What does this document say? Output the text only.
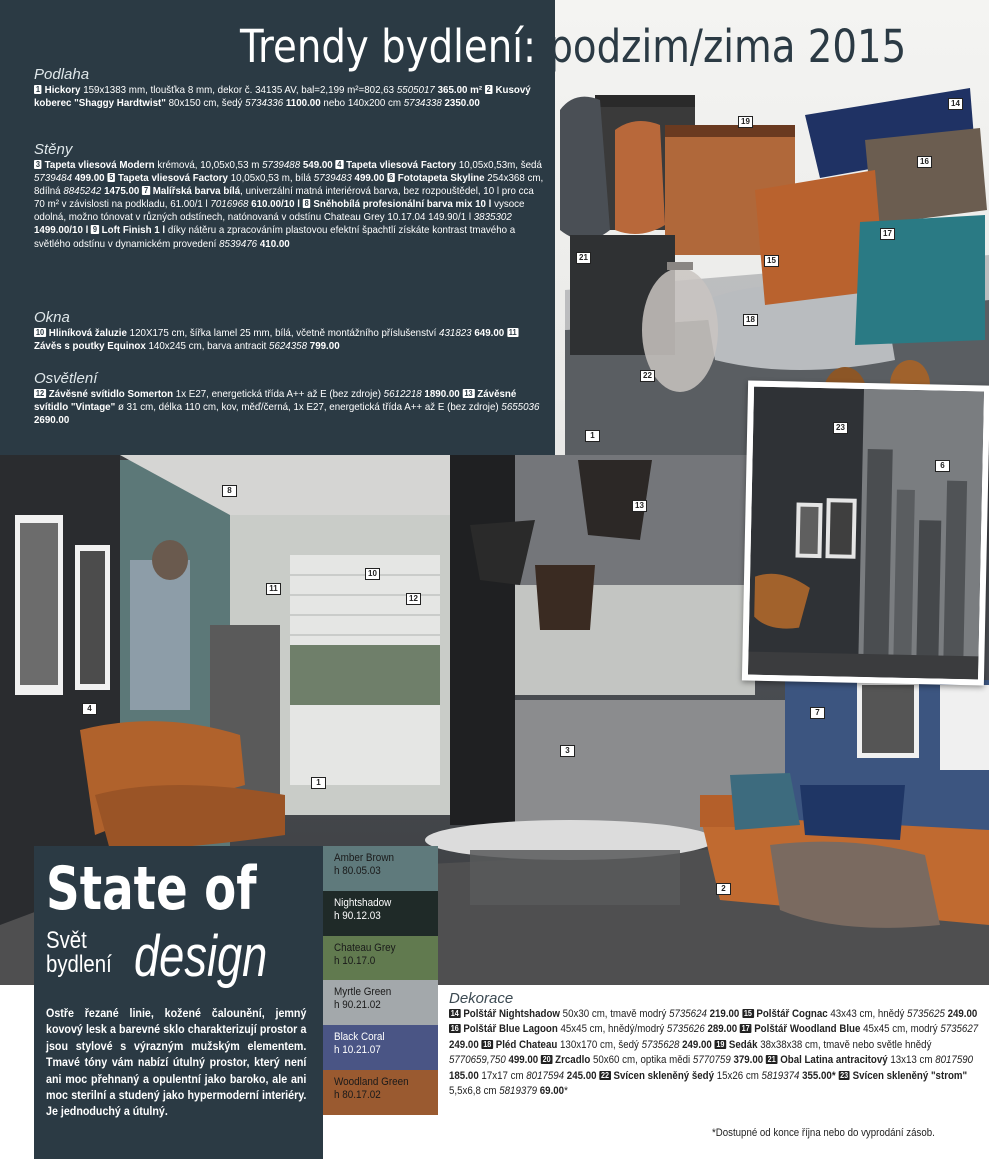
Trendy bydlení: podzim/zima 2015
Podlaha
1 Hickory 159x1383 mm, tloušťka 8 mm, dekor č. 34135 AV, bal=2,199 m²=802,63 5505017 365.00 m² 2 Kusový koberec "Shaggy Hardtwist" 80x150 cm, šedý 5734336 1100.00 nebo 140x200 cm 5734338 2350.00
Stěny
3 Tapeta vliesová Modern krémová, 10,05x0,53 m 5739488 549.00 4 Tapeta vliesová Factory 10,05x0,53m, šedá 5739484 499.00 5 Tapeta vliesová Factory 10,05x0,53 m, bílá 5739483 499.00 6 Fototapeta Skyline 254x368 cm, 8dílná 8845242 1475.00 7 Malířská barva bílá, univerzální matná interiérová barva, bez rozpouštědel, 10 l pro cca 70 m² v závislosti na podkladu, 61.00/1 l 7016968 610.00/10 l 8 Sněhobílá profesionální barva mix 10 l vysoce odolná, možno tónovat v různých odstínech, natónovaná v odstínu Chateau Grey 10.17.04 149.90/1 l 3835302 1499.00/10 l 9 Loft Finish 1 l díky nátěru a zpracováním plastovou efektní špachtlí získáte kontrast tmavého a světlého odstínu v dynamickém provedení 8539476 410.00
Okna
10 Hliníková žaluzie 120X175 cm, šířka lamel 25 mm, bílá, včetně montážního příslušenství 431823 649.00 11Závěs s poutky Equinox 140x245 cm, barva antracit 5624358 799.00
Osvětlení
12 Závěsné svítidlo Somerton 1x E27, energetická třída A++ až E (bez zdroje) 5612218 1890.00 13 Závěsné svítidlo "Vintage" ø 31 cm, délka 110 cm, kov, měď/černá, 1x E27, energetická třída A++ až E (bez zdroje) 5655036 2690.00
14
19
16
17
21	15
18
22
1
23
6
8
13
10
11
12
4	7
3
1
2
State of
Svět
bydlení design
Ostře řezané linie, kožené čalounění, jemný kovový lesk a barevné sklo charakterizují prostor a jsou stylové s výrazným mužským elementem. Tmavé tóny vám nabízí útulný prostor, který není ani moc přehnaný a opulentní jako baroko, ale ani moc sterilní a studený jako hypermoderní interiéry. Je jednoduchý a útulný.
Amber Brown
h 80.05.03
Nightshadow
h 90.12.03
Chateau Grey
h 10.17.0
Myrtle Green
h 90.21.02
Black Coral
h 10.21.07
Woodland Green
h 80.17.02
Dekorace
14 Polštář Nightshadow 50x30 cm, tmavě modrý 5735624 219.00 15 Polštář Cognac 43x43 cm, hnědý 5735625 249.00 16 Polštář Blue Lagoon 45x45 cm, hnědý/modrý 5735626 289.00 17 Polštář Woodland Blue 45x45 cm, modrý 5735627 249.00 18 Pléd Chateau 130x170 cm, šedý 5735628 249.00 19 Sedák 38x38x38 cm, tmavě nebo světle hnědý 5770659,750 499.00 20 Zrcadlo 50x60 cm, optika mědi 5770759 379.00 21 Obal Latina antracitový 13x13 cm 8017590 185.00 17x17 cm 8017594 245.00 22 Svícen skleněný šedý 15x26 cm 5819374 355.00* 23 Svícen skleněný "strom" 5,5x6,8 cm 5819379 69.00*
*Dostupné od konce října nebo do vyprodání zásob.
